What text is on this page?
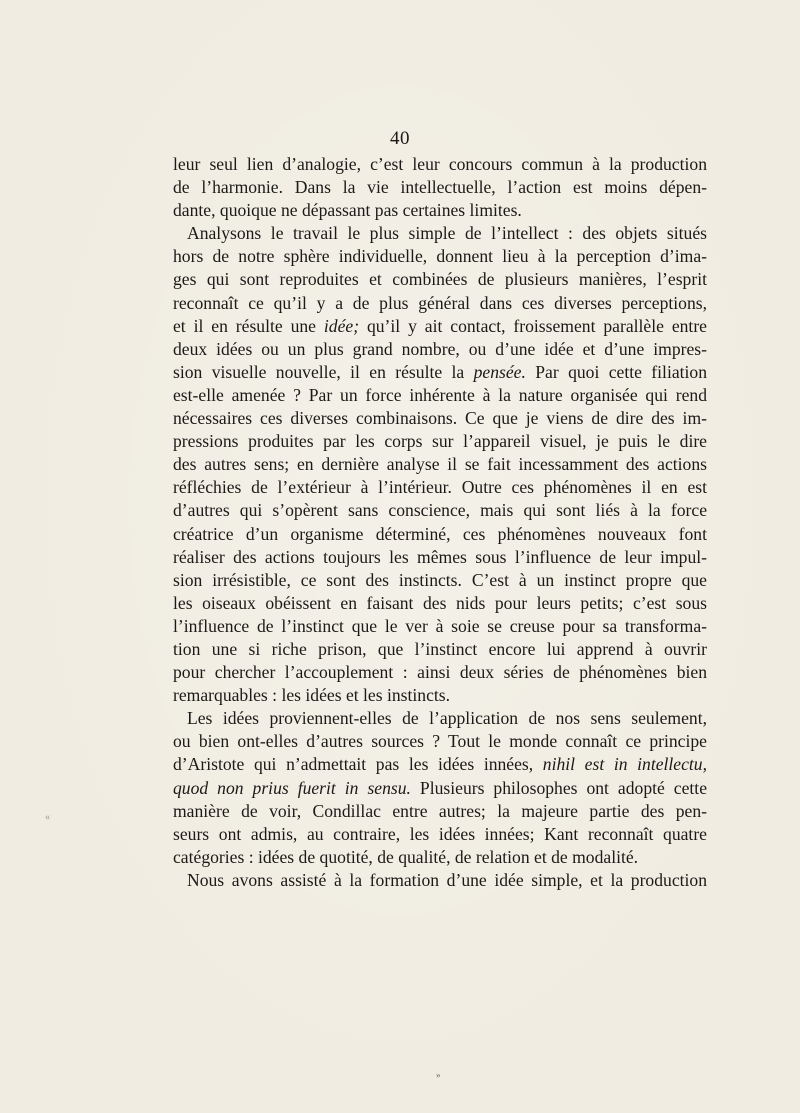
40
leur seul lien d’analogie, c’est leur concours commun à la production
de l’harmonie. Dans la vie intellectuelle, l’action est moins dépen-
dante, quoique ne dépassant pas certaines limites.
Analysons le travail le plus simple de l’intellect : des objets situés
hors de notre sphère individuelle, donnent lieu à la perception d’ima-
ges qui sont reproduites et combinées de plusieurs manières, l’esprit
reconnaît ce qu’il y a de plus général dans ces diverses perceptions,
et il en résulte une idée; qu’il y ait contact, froissement parallèle entre
deux idées ou un plus grand nombre, ou d’une idée et d’une impres-
sion visuelle nouvelle, il en résulte la pensée. Par quoi cette filiation
est-elle amenée ? Par un force inhérente à la nature organisée qui rend
nécessaires ces diverses combinaisons. Ce que je viens de dire des im-
pressions produites par les corps sur l’appareil visuel, je puis le dire
des autres sens; en dernière analyse il se fait incessamment des actions
réfléchies de l’extérieur à l’intérieur. Outre ces phénomènes il en est
d’autres qui s’opèrent sans conscience, mais qui sont liés à la force
créatrice d’un organisme déterminé, ces phénomènes nouveaux font
réaliser des actions toujours les mêmes sous l’influence de leur impul-
sion irrésistible, ce sont des instincts. C’est à un instinct propre que
les oiseaux obéissent en faisant des nids pour leurs petits; c’est sous
l’influence de l’instinct que le ver à soie se creuse pour sa transforma-
tion une si riche prison, que l’instinct encore lui apprend à ouvrir
pour chercher l’accouplement : ainsi deux séries de phénomènes bien
remarquables : les idées et les instincts.
Les idées proviennent-elles de l’application de nos sens seulement,
ou bien ont-elles d’autres sources ? Tout le monde connaît ce principe
d’Aristote qui n’admettait pas les idées innées, nihil est in intellectu,
quod non prius fuerit in sensu. Plusieurs philosophes ont adopté cette
manière de voir, Condillac entre autres; la majeure partie des pen-
seurs ont admis, au contraire, les idées innées; Kant reconnaît quatre
catégories : idées de quotité, de qualité, de relation et de modalité.
Nous avons assisté à la formation d’une idée simple, et la production
«
»
